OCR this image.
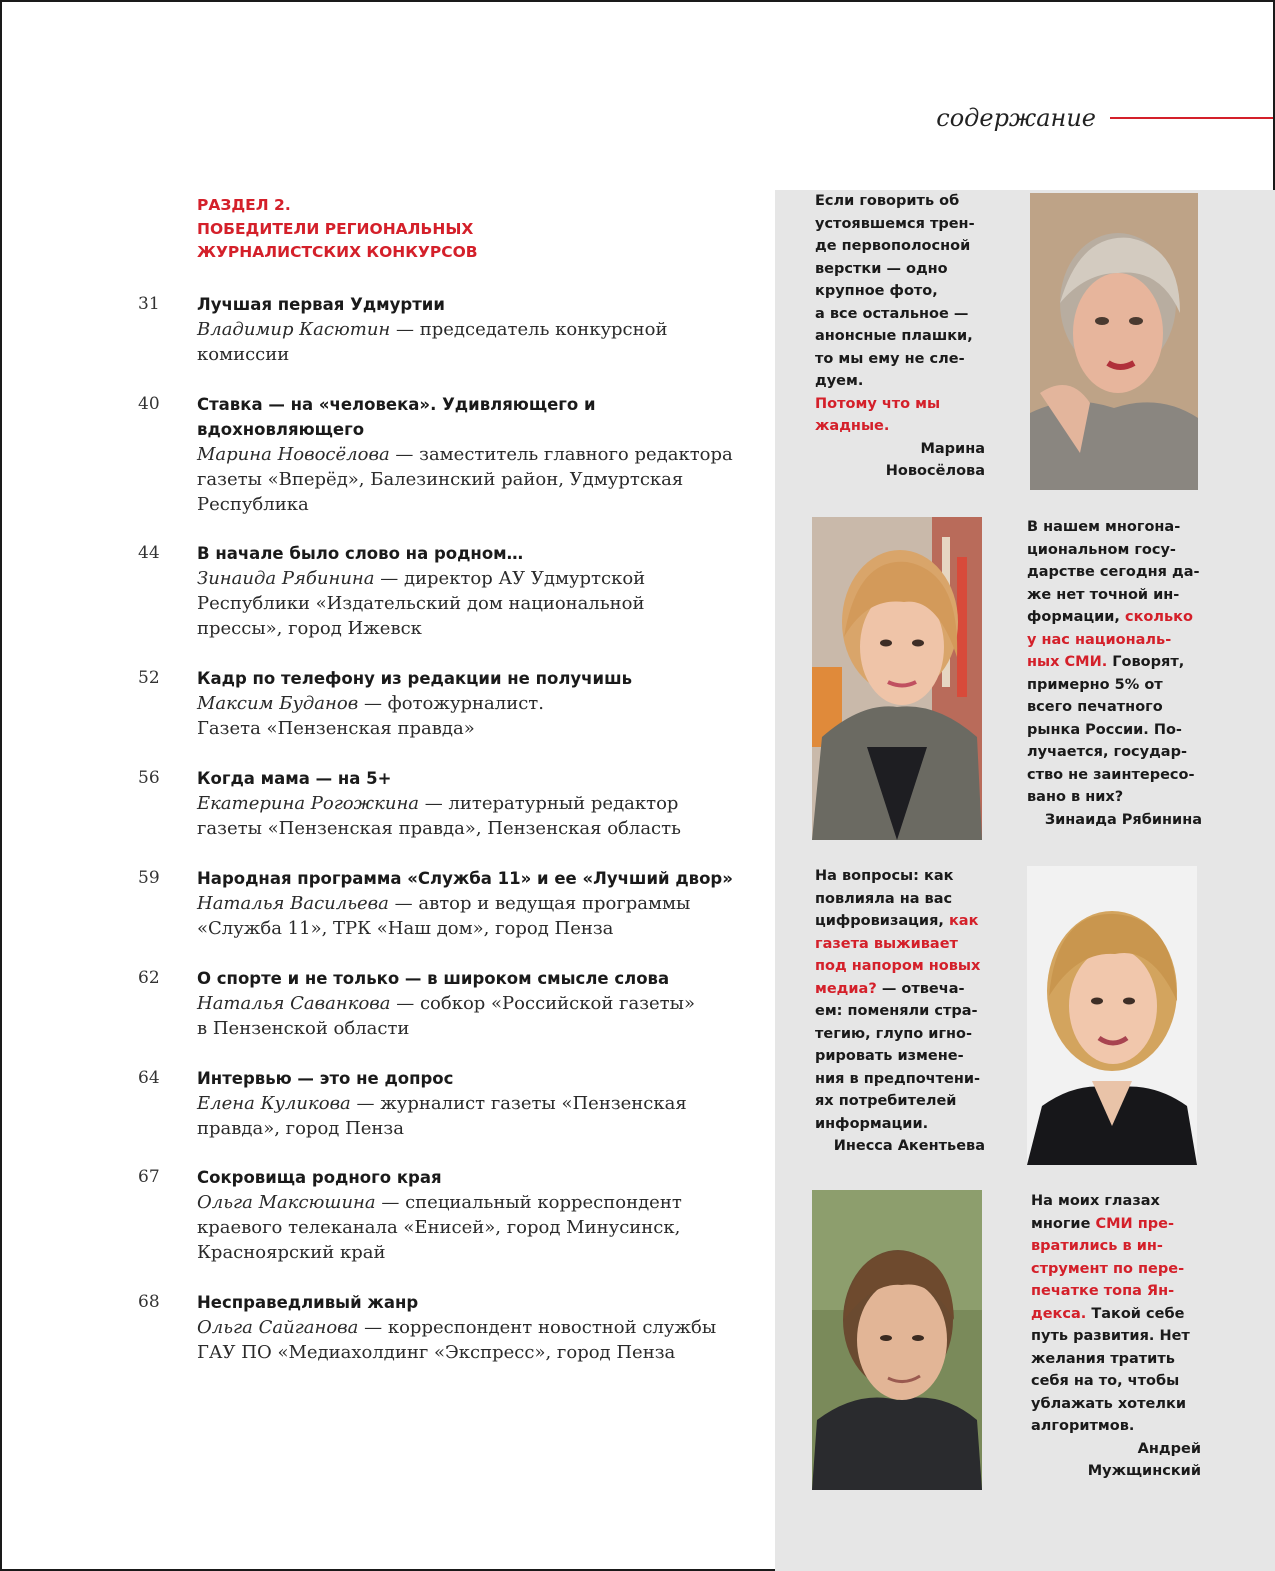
содержание
РАЗДЕЛ 2.
ПОБЕДИТЕЛИ РЕГИОНАЛЬНЫХ
ЖУРНАЛИСТСКИХ КОНКУРСОВ
31 Лучшая первая Удмуртии
Владимир Касютин — председатель конкурсной
комиссии
40 Ставка — на «человека». Удивляющего и
вдохновляющего
Марина Новосёлова — заместитель главного редактора
газеты «Вперёд», Балезинский район, Удмуртская
Республика
44 В начале было слово на родном…
Зинаида Рябинина — директор АУ Удмуртской
Республики «Издательский дом национальной
прессы», город Ижевск
52 Кадр по телефону из редакции не получишь
Максим Буданов — фотожурналист.
Газета «Пензенская правда»
56 Когда мама — на 5+
Екатерина Рогожкина — литературный редактор
газеты «Пензенская правда», Пензенская область
59 Народная программа «Служба 11» и ее «Лучший двор»
Наталья Васильева — автор и ведущая программы
«Служба 11», ТРК «Наш дом», город Пенза
62 О спорте и не только — в широком смысле слова
Наталья Саванкова — собкор «Российской газеты»
в Пензенской области
64 Интервью — это не допрос
Елена Куликова — журналист газеты «Пензенская
правда», город Пенза
67 Сокровища родного края
Ольга Максюшина — специальный корреспондент
краевого телеканала «Енисей», город Минусинск,
Красноярский край
68 Несправедливый жанр
Ольга Сайганова — корреспондент новостной службы
ГАУ ПО «Медиахолдинг «Экспресс», город Пенза
Если говорить об
устоявшемся трен-
де первополосной
верстки — одно
крупное фото,
а все остальное —
анонсные плашки,
то мы ему не сле-
дуем.
Потому что мы
жадные.
Марина
Новосёлова
В нашем многона-
циональном госу-
дарстве сегодня да-
же нет точной ин-
формации, сколько
у нас националь-
ных СМИ. Говорят,
примерно 5% от
всего печатного
рынка России. По-
лучается, государ-
ство не заинтересо-
вано в них?
Зинаида Рябинина
На вопросы: как
повлияла на вас
цифровизация, как
газета выживает
под напором новых
медиа? — отвеча-
ем: поменяли стра-
тегию, глупо игно-
рировать измене-
ния в предпочтени-
ях потребителей
информации.
Инесса Акентьева
На моих глазах
многие СМИ пре-
вратились в ин-
струмент по пере-
печатке топа Ян-
декса. Такой себе
путь развития. Нет
желания тратить
себя на то, чтобы
ублажать хотелки
алгоритмов.
Андрей
Мужщинский
